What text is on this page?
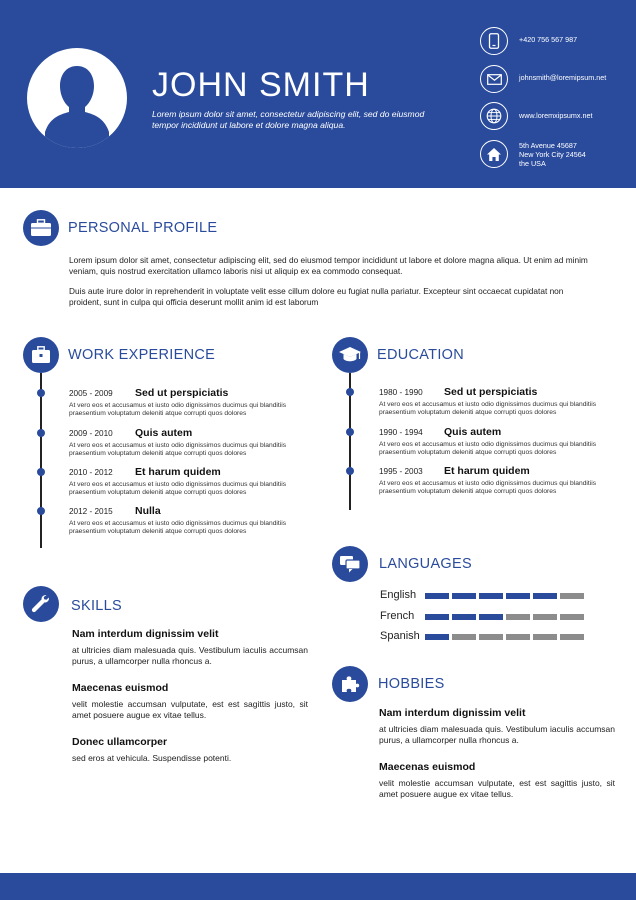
JOHN SMITH
Lorem ipsum dolor sit amet, consectetur adipiscing elit, sed do eiusmod tempor incididunt ut labore et dolore magna aliqua.
+420 756 567 987
johnsmith@loremipsum.net
www.loremxipsumx.net
5th Avenue 45687
New York City 24564
the USA
PERSONAL PROFILE
Lorem ipsum dolor sit amet, consectetur adipiscing elit, sed do eiusmod tempor incididunt ut labore et dolore magna aliqua. Ut enim ad minim veniam, quis nostrud exercitation ullamco laboris nisi ut aliquip ex ea commodo consequat.
Duis aute irure dolor in reprehenderit in voluptate velit esse cillum dolore eu fugiat nulla pariatur. Excepteur sint occaecat cupidatat non proident, sunt in culpa qui officia deserunt mollit anim id est laborum
WORK EXPERIENCE
2005 - 2009 Sed ut perspiciatis
At vero eos et accusamus et iusto odio dignissimos ducimus qui blanditiis praesentium voluptatum deleniti atque corrupti quos dolores
2009 - 2010 Quis autem
At vero eos et accusamus et iusto odio dignissimos ducimus qui blanditiis praesentium voluptatum deleniti atque corrupti quos dolores
2010 - 2012 Et harum quidem
At vero eos et accusamus et iusto odio dignissimos ducimus qui blanditiis praesentium voluptatum deleniti atque corrupti quos dolores
2012 - 2015 Nulla
At vero eos et accusamus et iusto odio dignissimos ducimus qui blanditiis praesentium voluptatum deleniti atque corrupti quos dolores
EDUCATION
1980 - 1990 Sed ut perspiciatis
At vero eos et accusamus et iusto odio dignissimos ducimus qui blanditiis praesentium voluptatum deleniti atque corrupti quos dolores
1990 - 1994 Quis autem
At vero eos et accusamus et iusto odio dignissimos ducimus qui blanditiis praesentium voluptatum deleniti atque corrupti quos dolores
1995 - 2003 Et harum quidem
At vero eos et accusamus et iusto odio dignissimos ducimus qui blanditiis praesentium voluptatum deleniti atque corrupti quos dolores
LANGUAGES
English
French
Spanish
SKILLS
Nam interdum dignissim velit
at ultricies diam malesuada quis. Vestibulum iaculis accumsan purus, a ullamcorper nulla rhoncus a.
Maecenas euismod
velit molestie accumsan vulputate, est est sagittis justo, sit amet posuere augue ex vitae tellus.
Donec ullamcorper
sed eros at vehicula. Suspendisse potenti.
HOBBIES
Nam interdum dignissim velit
at ultricies diam malesuada quis. Vestibulum iaculis accumsan purus, a ullamcorper nulla rhoncus a.
Maecenas euismod
velit molestie accumsan vulputate, est est sagittis justo, sit amet posuere augue ex vitae tellus.
